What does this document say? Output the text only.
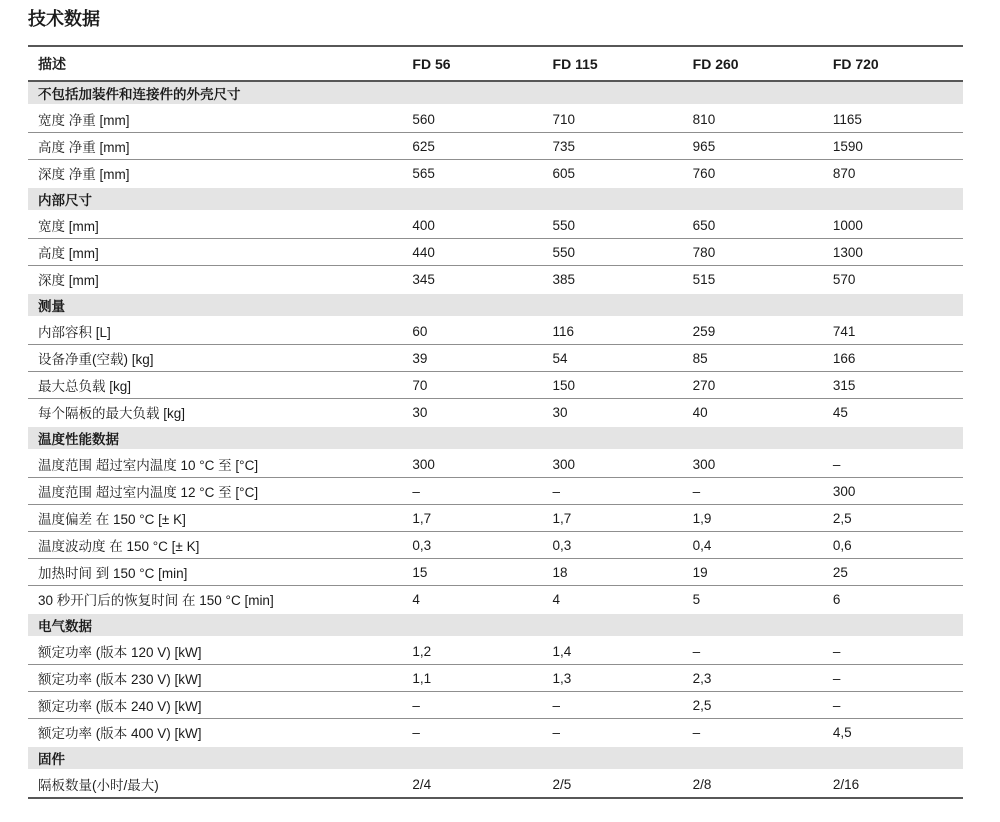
技术数据
描述	FD 56	FD 115	FD 260	FD 720
不包括加装件和连接件的外壳尺寸				
宽度 净重 [mm]	560	710	810	1165
高度 净重 [mm]	625	735	965	1590
深度 净重 [mm]	565	605	760	870
内部尺寸				
宽度 [mm]	400	550	650	1000
高度 [mm]	440	550	780	1300
深度 [mm]	345	385	515	570
测量				
内部容积 [L]	60	116	259	741
设备净重(空载) [kg]	39	54	85	166
最大总负载 [kg]	70	150	270	315
每个隔板的最大负载 [kg]	30	30	40	45
温度性能数据				
温度范围 超过室内温度 10 °C 至 [°C]	300	300	300	–
温度范围 超过室内温度 12 °C 至 [°C]	–	–	–	300
温度偏差 在 150 °C [± K]	1,7	1,7	1,9	2,5
温度波动度 在 150 °C [± K]	0,3	0,3	0,4	0,6
加热时间 到 150 °C [min]	15	18	19	25
30 秒开门后的恢复时间 在 150 °C [min]	4	4	5	6
电气数据				
额定功率 (版本 120 V) [kW]	1,2	1,4	–	–
额定功率 (版本 230 V) [kW]	1,1	1,3	2,3	–
额定功率 (版本 240 V) [kW]	–	–	2,5	–
额定功率 (版本 400 V) [kW]	–	–	–	4,5
固件				
隔板数量(小时/最大)	2/4	2/5	2/8	2/16
